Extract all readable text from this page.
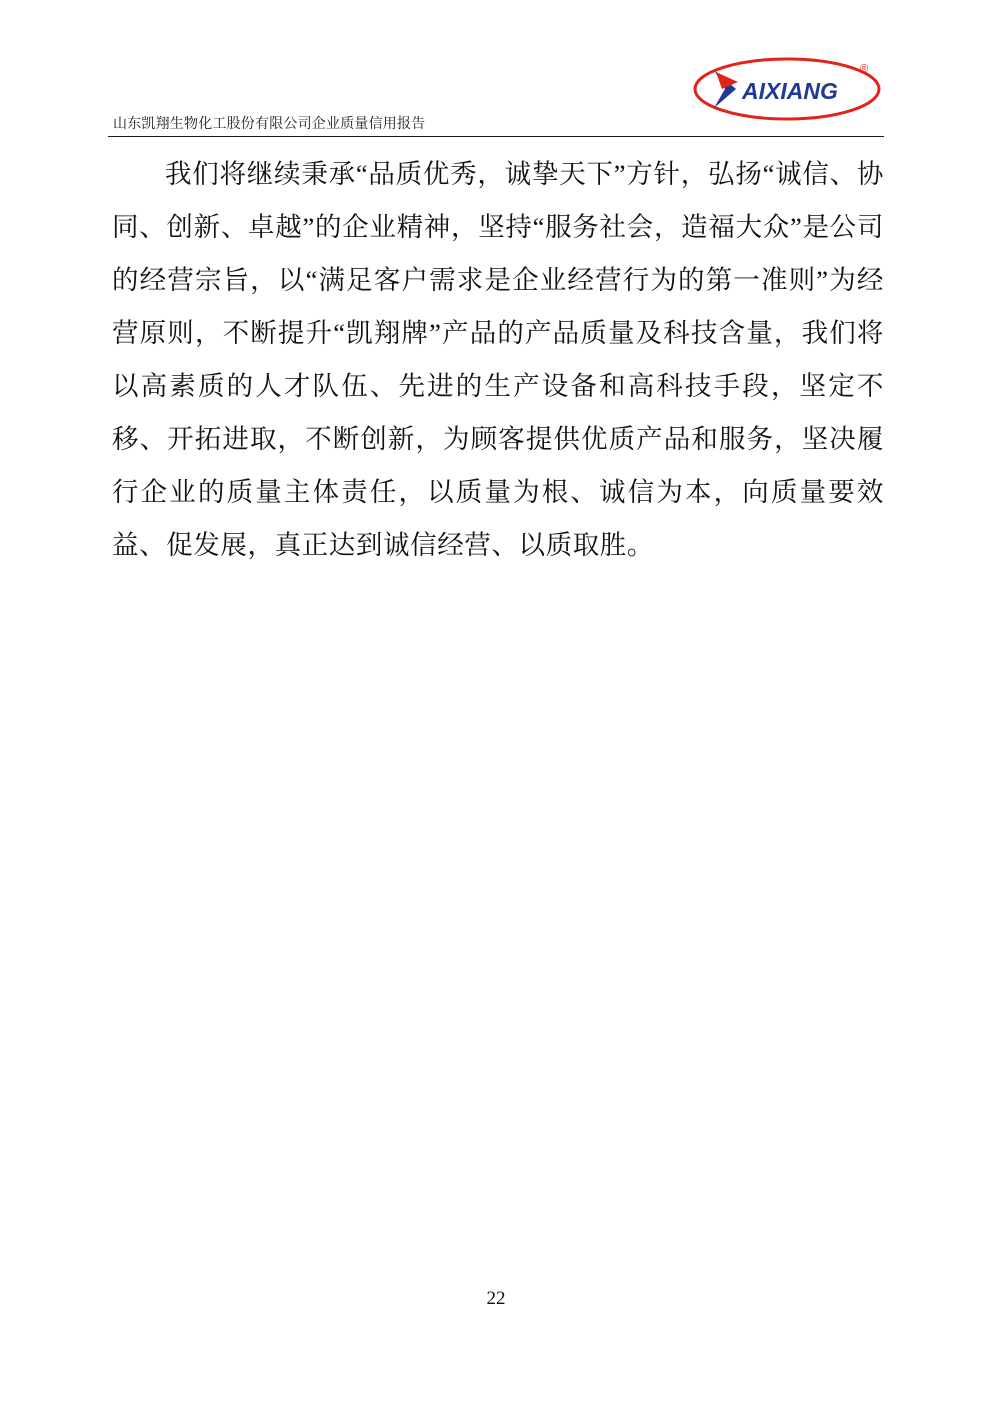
AIXIANG
®
山东凯翔生物化工股份有限公司企业质量信用报告
我们将继续秉承“品质优秀，诚挚天下”方针，弘扬“诚信、协同、创新、卓越”的企业精神，坚持“服务社会，造福大众”是公司的经营宗旨，以“满足客户需求是企业经营行为的第一准则”为经营原则，不断提升“凯翔牌”产品的产品质量及科技含量，我们将以高素质的人才队伍、先进的生产设备和高科技手段，坚定不移、开拓进取，不断创新，为顾客提供优质产品和服务，坚决履行企业的质量主体责任，以质量为根、诚信为本，向质量要效益、促发展，真正达到诚信经营、以质取胜。
22
